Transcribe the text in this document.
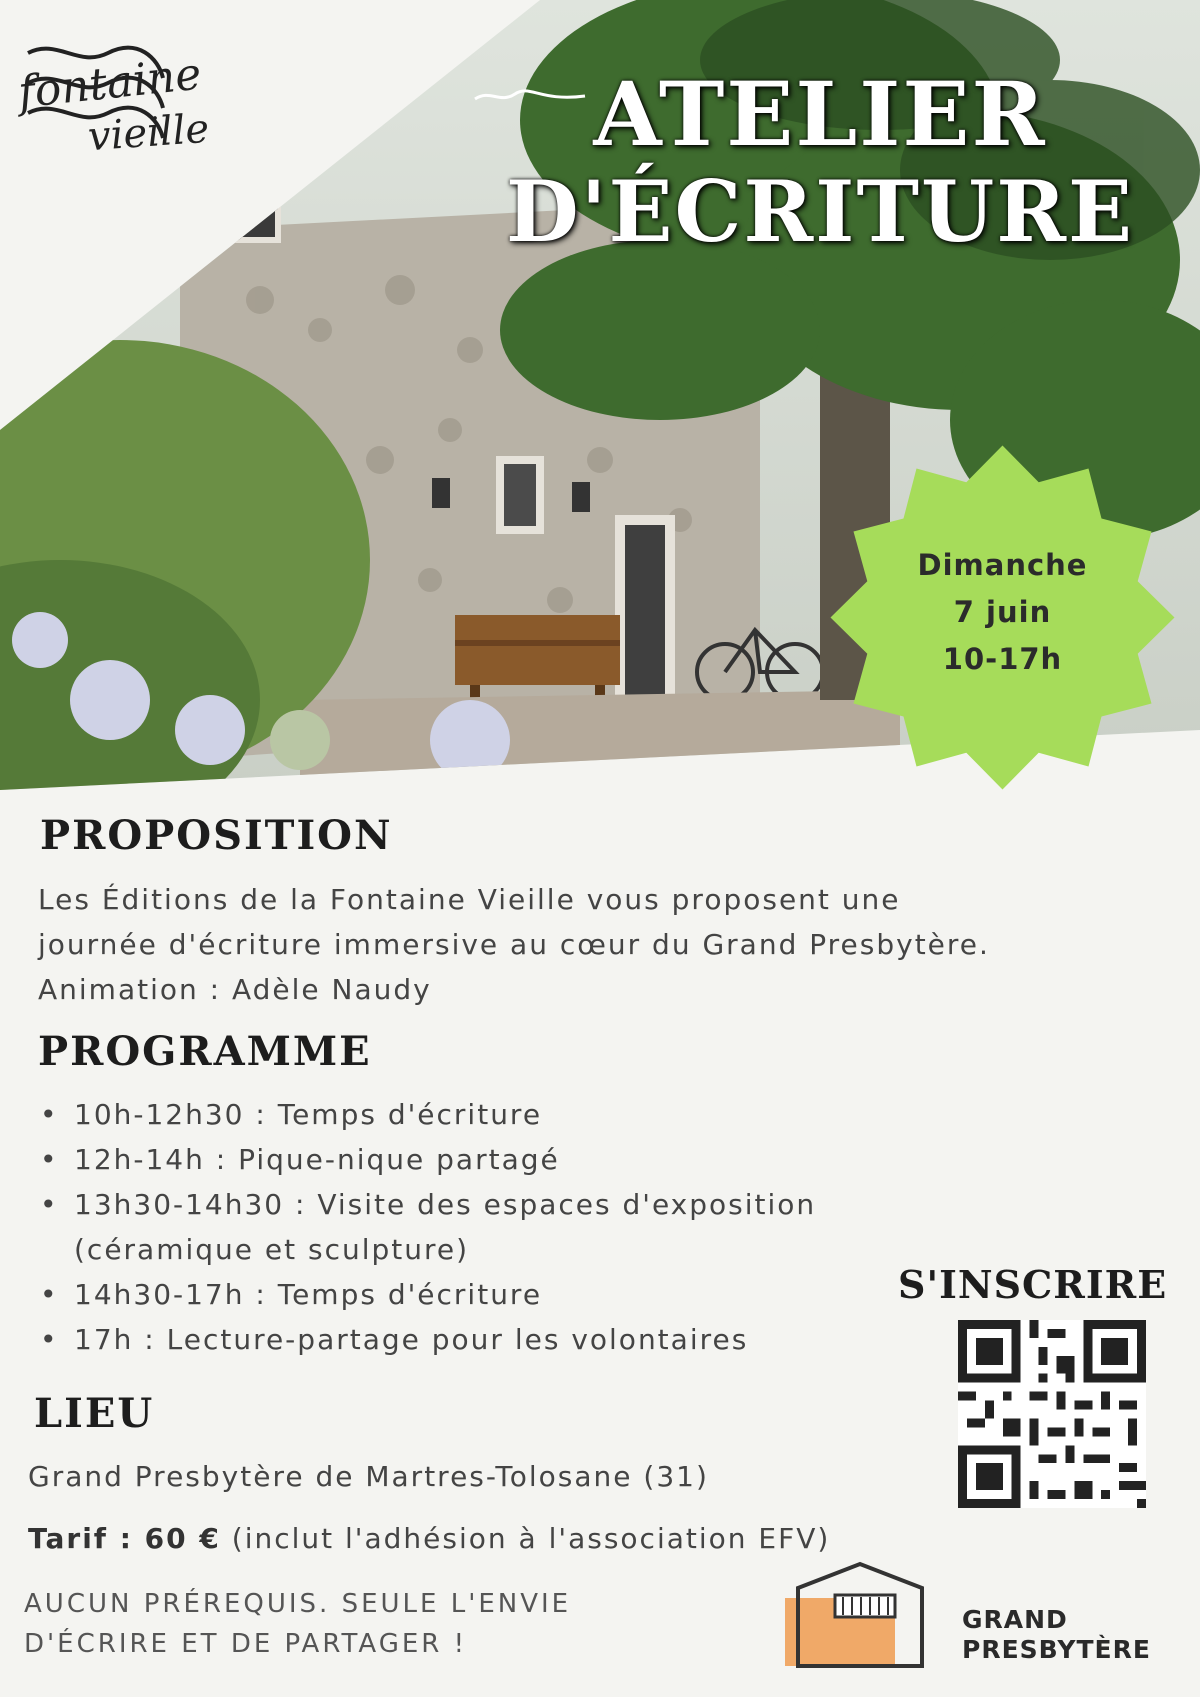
fontaine
vieille	ATELIER
D'ÉCRITURE
Dimanche
7 juin
10-17h
PROPOSITION
Les Éditions de la Fontaine Vieille vous proposent une
journée d'écriture immersive au cœur du Grand Presbytère.
Animation : Adèle Naudy
PROGRAMME
• 10h-12h30 : Temps d'écriture
• 12h-14h : Pique-nique partagé
• 13h30-14h30 : Visite des espaces d'exposition
(céramique et sculpture)
• 14h30-17h : Temps d'écriture
• 17h : Lecture-partage pour les volontaires
LIEU
Grand Presbytère de Martres-Tolosane (31)
Tarif : 60 € (inclut l'adhésion à l'association EFV)
AUCUN PRÉREQUIS. SEULE L'ENVIE
D'ÉCRIRE ET DE PARTAGER !
S'INSCRIRE
GRAND
PRESBYTÈRE
